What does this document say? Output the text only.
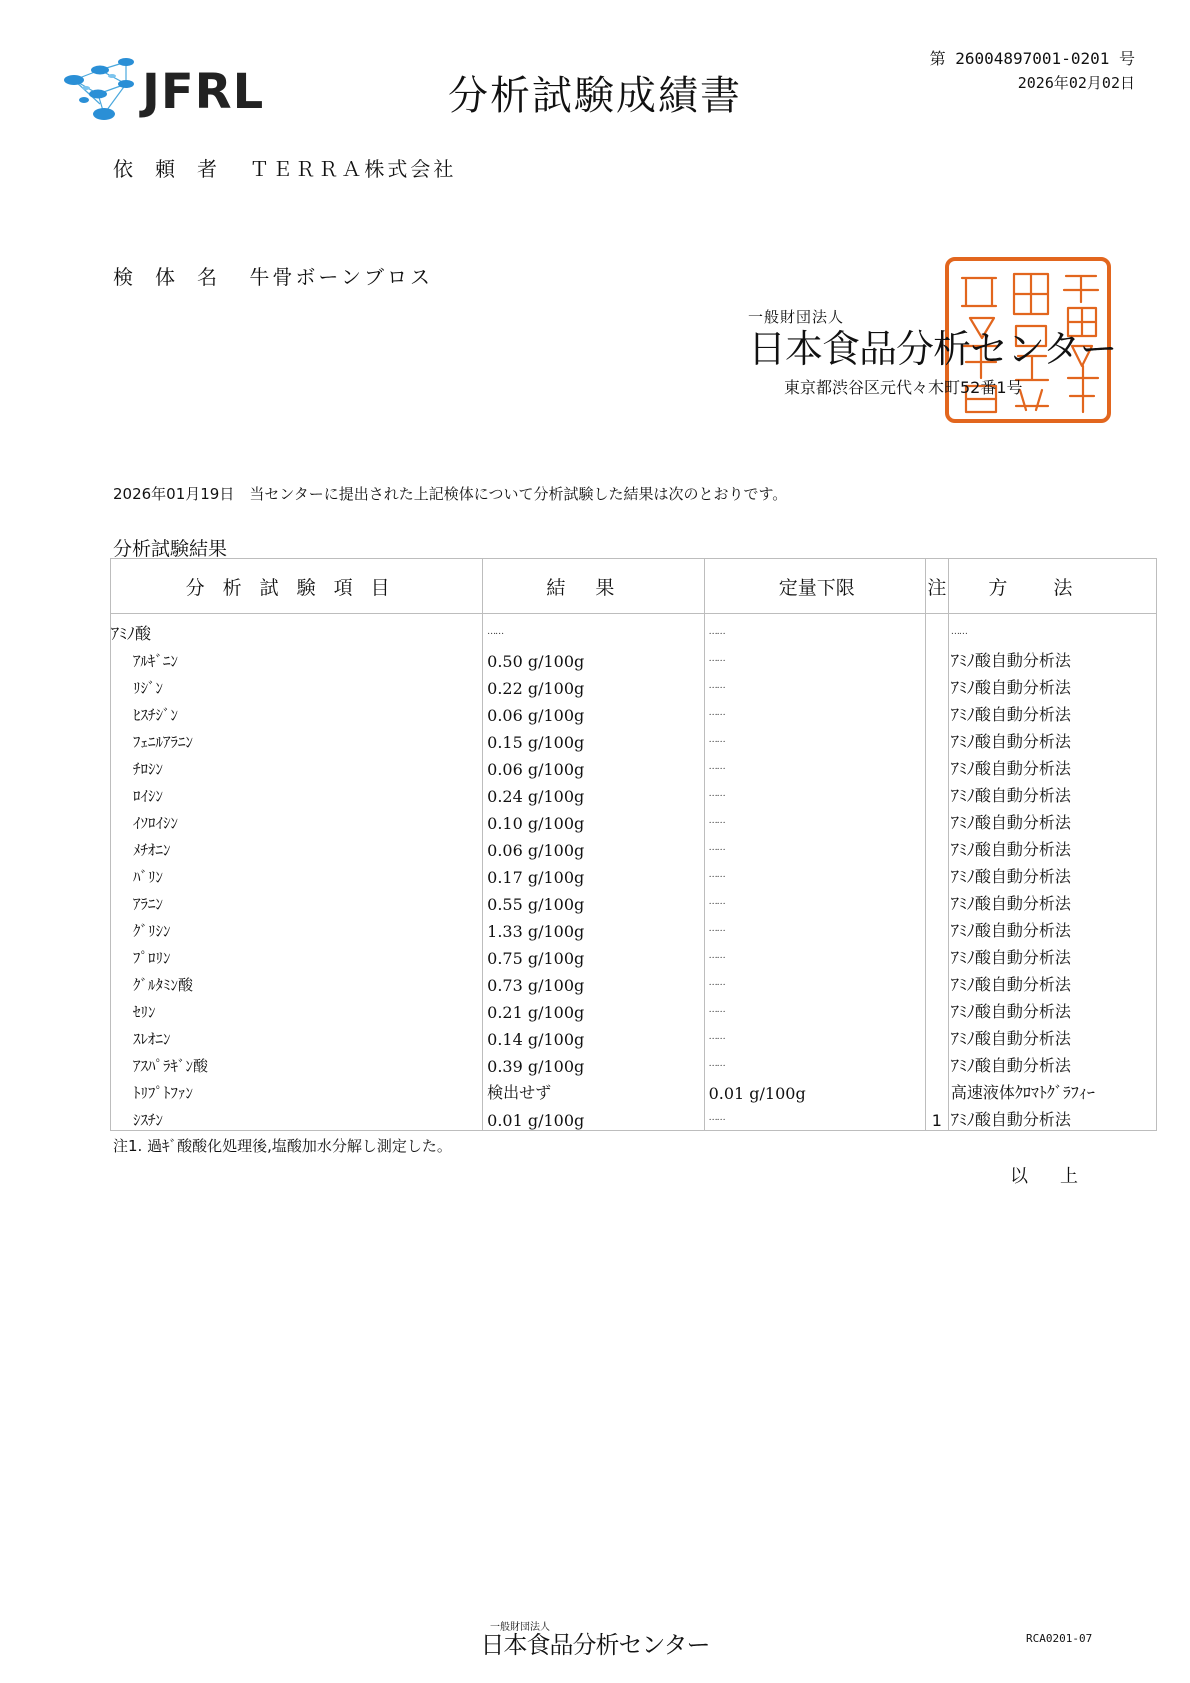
JFRL	分析試験成績書
第 26004897001-0201 号
2026年02月02日
依頼者 ＴＥＲＲＡ株式会社
検体名 牛骨ボーンブロス
一般財団法人
日本食品分析センター
東京都渋谷区元代々木町52番1号
2026年01月19日　当センターに提出された上記検体について分析試験した結果は次のとおりです。
分析試験結果
分析試験項目	結果	定量下限	注	方法
ｱﾐﾉ酸	……	……		……
ｱﾙｷﾞﾆﾝ	0.50 g/100g	……		ｱﾐﾉ酸自動分析法
ﾘｼﾞﾝ	0.22 g/100g	……		ｱﾐﾉ酸自動分析法
ﾋｽﾁｼﾞﾝ	0.06 g/100g	……		ｱﾐﾉ酸自動分析法
ﾌｪﾆﾙｱﾗﾆﾝ	0.15 g/100g	……		ｱﾐﾉ酸自動分析法
ﾁﾛｼﾝ	0.06 g/100g	……		ｱﾐﾉ酸自動分析法
ﾛｲｼﾝ	0.24 g/100g	……		ｱﾐﾉ酸自動分析法
ｲｿﾛｲｼﾝ	0.10 g/100g	……		ｱﾐﾉ酸自動分析法
ﾒﾁｵﾆﾝ	0.06 g/100g	……		ｱﾐﾉ酸自動分析法
ﾊﾞﾘﾝ	0.17 g/100g	……		ｱﾐﾉ酸自動分析法
ｱﾗﾆﾝ	0.55 g/100g	……		ｱﾐﾉ酸自動分析法
ｸﾞﾘｼﾝ	1.33 g/100g	……		ｱﾐﾉ酸自動分析法
ﾌﾟﾛﾘﾝ	0.75 g/100g	……		ｱﾐﾉ酸自動分析法
ｸﾞﾙﾀﾐﾝ酸	0.73 g/100g	……		ｱﾐﾉ酸自動分析法
ｾﾘﾝ	0.21 g/100g	……		ｱﾐﾉ酸自動分析法
ｽﾚｵﾆﾝ	0.14 g/100g	……		ｱﾐﾉ酸自動分析法
ｱｽﾊﾟﾗｷﾞﾝ酸	0.39 g/100g	……		ｱﾐﾉ酸自動分析法
ﾄﾘﾌﾟﾄﾌｧﾝ	検出せず	0.01 g/100g		高速液体ｸﾛﾏﾄｸﾞﾗﾌｨｰ
ｼｽﾁﾝ	0.01 g/100g	……	1	ｱﾐﾉ酸自動分析法
注1. 過ｷﾞ酸酸化処理後,塩酸加水分解し測定した。
以上
一般財団法人
日本食品分析センター	RCA0201-07
